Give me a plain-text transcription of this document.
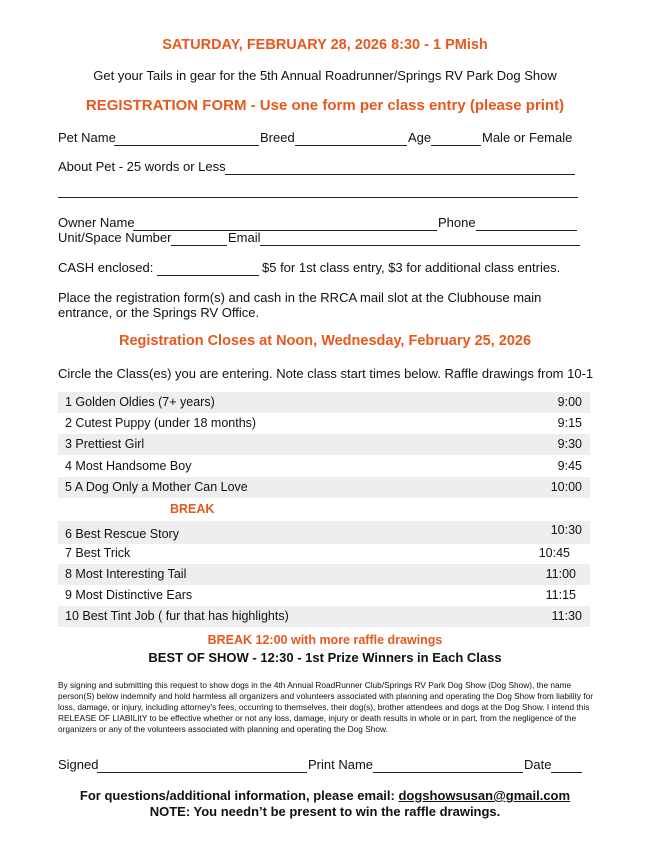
SATURDAY, FEBRUARY 28, 2026 8:30 - 1 PMish
Get your Tails in gear for the 5th Annual Roadrunner/Springs RV Park Dog Show
REGISTRATION FORM - Use one form per class entry (please print)
Pet Name	Breed	Age	Male or Female
About Pet - 25 words or Less
Owner Name	Phone
Unit/Space Number	Email
CASH enclosed:	$5 for 1st class entry, $3 for additional class entries.
Place the registration form(s) and cash in the RRCA mail slot at the Clubhouse main
entrance, or the Springs RV Office.
Registration Closes at Noon, Wednesday, February 25, 2026
Circle the Class(es) you are entering. Note class start times below. Raffle drawings from 10-1
1 Golden Oldies (7+ years)	9:00
2 Cutest Puppy (under 18 months)	9:15
3 Prettiest Girl	9:30
4 Most Handsome Boy	9:45
5 A Dog Only a Mother Can Love	10:00
BREAK
6 Best Rescue Story	10:30
7 Best Trick	10:45
8 Most Interesting Tail	11:00
9 Most Distinctive Ears	11:15
10 Best Tint Job ( fur that has highlights)	11:30
BREAK 12:00 with more raffle drawings
BEST OF SHOW - 12:30 - 1st Prize Winners in Each Class
By signing and submitting this request to show dogs in the 4th Annual RoadRunner Club/Springs RV Park Dog Show (Dog Show), the name person(S) below indemnify and hold harmless all organizers and volunteers associated with planning and operating the Dog Show from liability for loss, damage, or injury, including attorney's fees, occurring to themselves, their dog(s), brother attendees and dogs at the Dog Show. I intend this RELEASE OF LIABILItY to be effective whether or not any loss, damage, injury or death results in whole or in part, from the negligence of the organizers or any of the volunteers associated with planning and operating the Dog Show.
Signed	Print Name	Date
For questions/additional information, please email: dogshowsusan@gmail.com
NOTE: You needn’t be present to win the raffle drawings.
